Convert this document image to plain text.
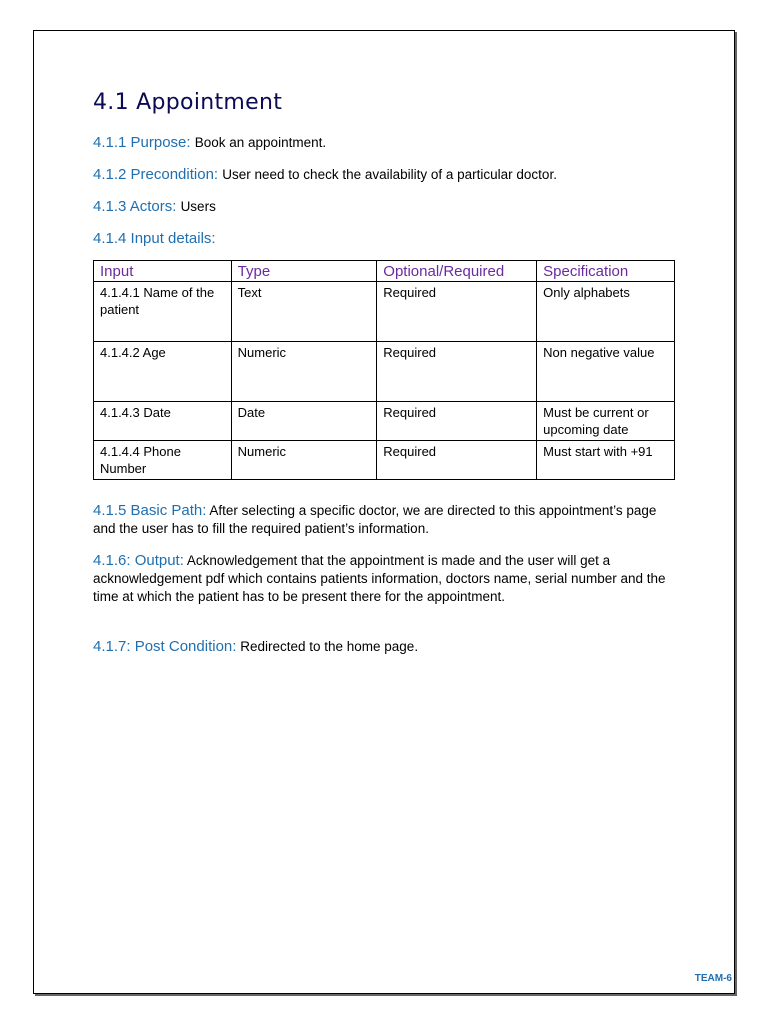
4.1 Appointment
4.1.1 Purpose: Book an appointment.
4.1.2 Precondition: User need to check the availability of a particular doctor.
4.1.3 Actors: Users
4.1.4 Input details:
Input	Type	Optional/Required	Specification
4.1.4.1 Name of the patient	Text	Required	Only alphabets
4.1.4.2 Age	Numeric	Required	Non negative value
4.1.4.3 Date	Date	Required	Must be current or upcoming date
4.1.4.4 Phone Number	Numeric	Required	Must start with +91
4.1.5 Basic Path: After selecting a specific doctor, we are directed to this appointment’s page and the user has to fill the required patient’s information.
4.1.6: Output: Acknowledgement that the appointment is made and the user will get a acknowledgement pdf which contains patients information, doctors name, serial number and the time at which the patient has to be present there for the appointment.
4.1.7: Post Condition: Redirected to the home page.
TEAM-6
